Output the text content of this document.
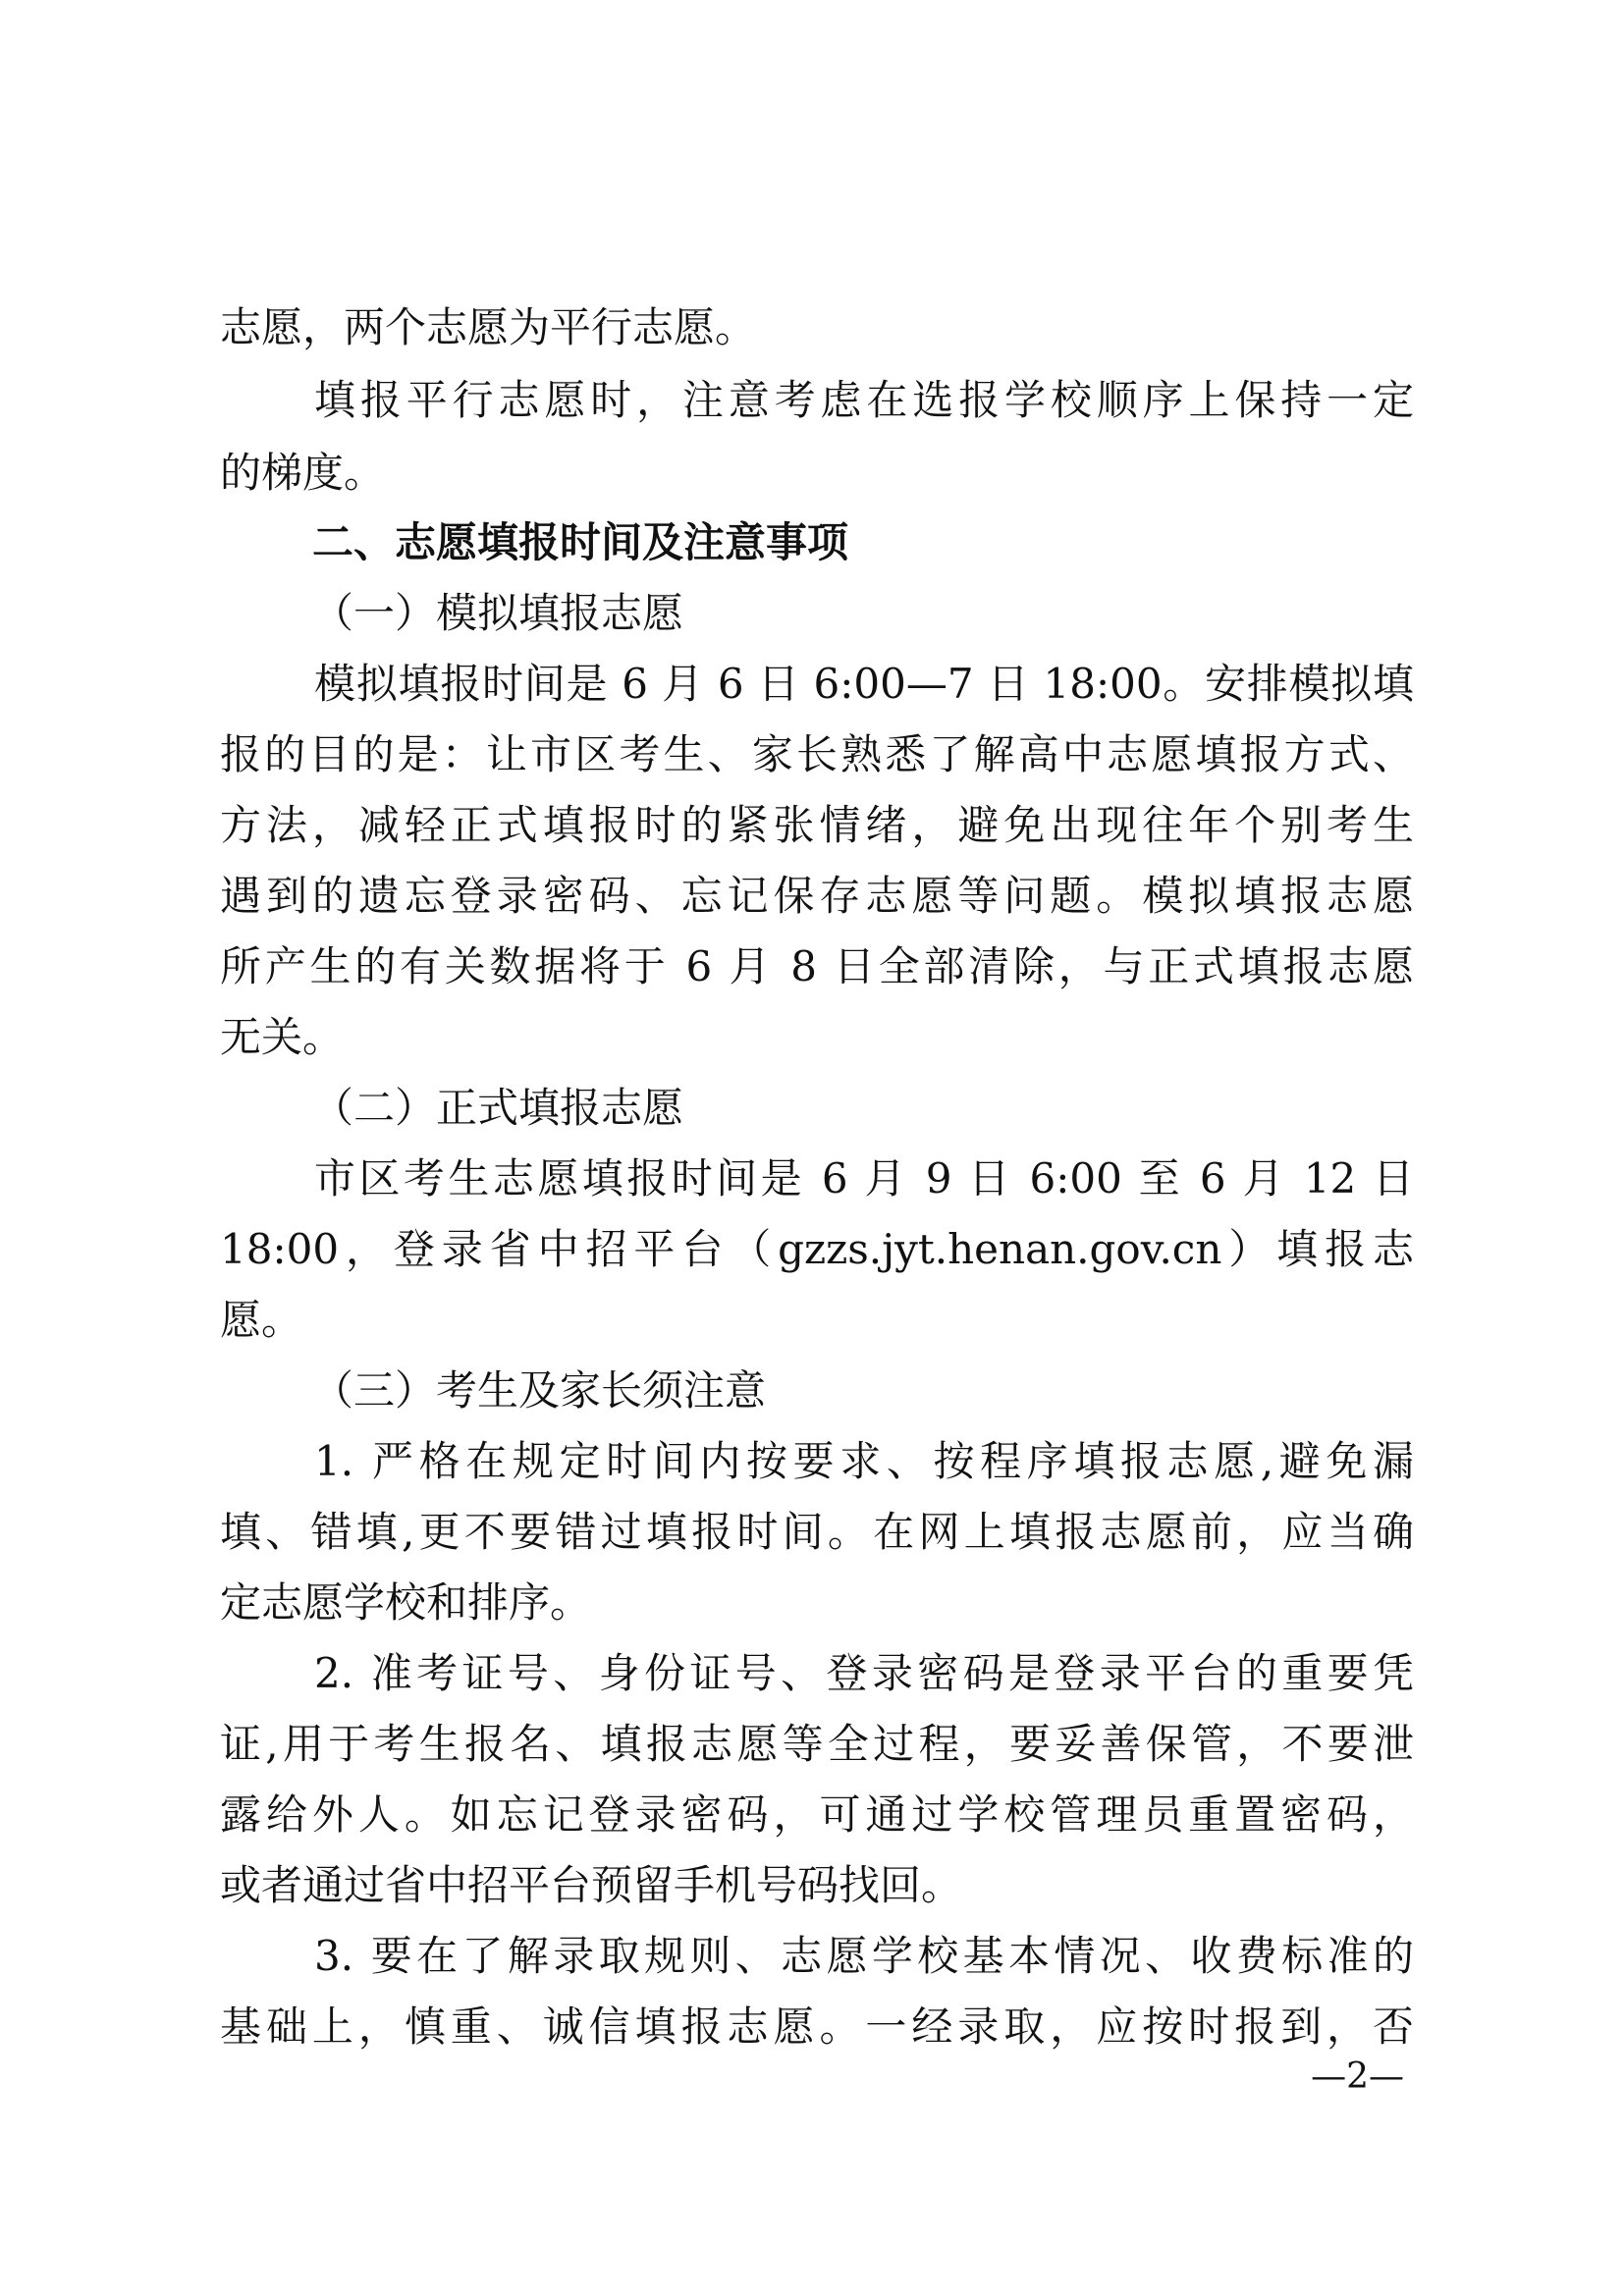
志愿，两个志愿为平行志愿。
填报平行志愿时，注意考虑在选报学校顺序上保持一定
的梯度。
二、志愿填报时间及注意事项
（一）模拟填报志愿
模拟填报时间是 6 月 6 日 6:00—7 日 18:00。安排模拟填
报的目的是：让市区考生、家长熟悉了解高中志愿填报方式、
方法，减轻正式填报时的紧张情绪，避免出现往年个别考生
遇到的遗忘登录密码、忘记保存志愿等问题。模拟填报志愿
所产生的有关数据将于 6 月 8 日全部清除，与正式填报志愿
无关。
（二）正式填报志愿
市区考生志愿填报时间是 6 月 9 日 6:00 至 6 月 12 日
18:00，登录省中招平台（gzzs.jyt.henan.gov.cn）填报志
愿。
（三）考生及家长须注意
1. 严格在规定时间内按要求、按程序填报志愿,避免漏
填、错填,更不要错过填报时间。在网上填报志愿前，应当确
定志愿学校和排序。
2. 准考证号、身份证号、登录密码是登录平台的重要凭
证,用于考生报名、填报志愿等全过程，要妥善保管，不要泄
露给外人。如忘记登录密码，可通过学校管理员重置密码，
或者通过省中招平台预留手机号码找回。
3. 要在了解录取规则、志愿学校基本情况、收费标准的
基础上，慎重、诚信填报志愿。一经录取，应按时报到，否
—2—
